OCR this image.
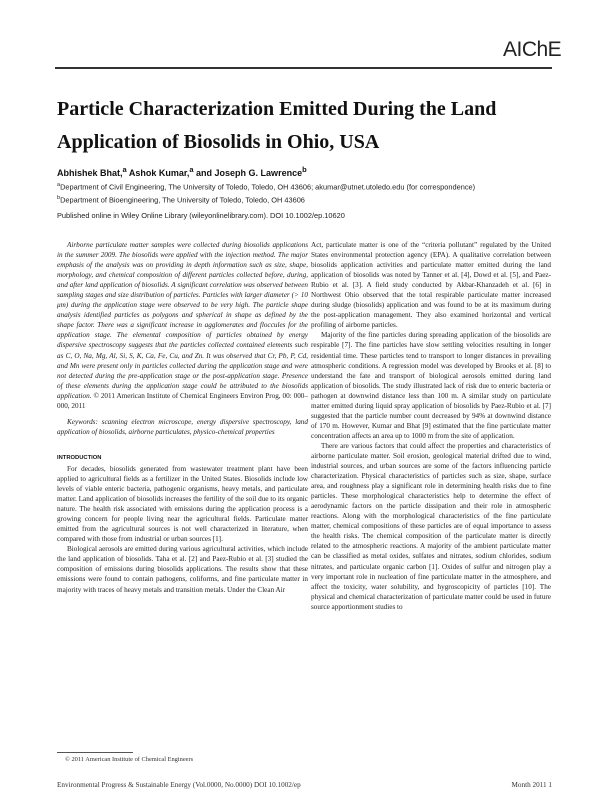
AIChE
Particle Characterization Emitted During the Land Application of Biosolids in Ohio, USA
Abhishek Bhat,$^a$ Ashok Kumar,$^a$ and Joseph G. Lawrence$^b$
$^a$Department of Civil Engineering, The University of Toledo, Toledo, OH 43606; akumar@utnet.utoledo.edu (for correspondence)
$^b$Department of Bioengineering, The University of Toledo, Toledo, OH 43606
Published online in Wiley Online Library (wileyonlinelibrary.com). DOI 10.1002/ep.10620

Airborne particulate matter samples were collected during biosolids applications in the summer 2009. The biosolids were applied with the injection method. The major emphasis of the analysis was on providing in depth information such as size, shape, morphology, and chemical composition of different particles collected before, during, and after land application of biosolids. A significant correlation was observed between sampling stages and size distribution of particles. Particles with larger diameter (> 10 μm) during the application stage were observed to be very high. The particle shape analysis identified particles as polygons and spherical in shape as defined by the shape factor. There was a significant increase in agglomerates and floccules for the application stage. The elemental composition of particles obtained by energy dispersive spectroscopy suggests that the particles collected contained elements such as C, O, Na, Mg, Al, Si, S, K, Ca, Fe, Cu, and Zn. It was observed that Cr, Pb, P, Cd, and Mn were present only in particles collected during the application stage and were not detected during the pre-application stage or the post-application stage. Presence of these elements during the application stage could be attributed to the biosolids application. © 2011 American Institute of Chemical Engineers Environ Prog, 00: 000–000, 2011

Keywords: scanning electron microscope, energy dispersive spectroscopy, land application of biosolids, airborne particulates, physico-chemical properties

INTRODUCTION

For decades, biosolids generated from wastewater treatment plant have been applied to agricultural fields as a fertilizer in the United States. Biosolids include low levels of viable enteric bacteria, pathogenic organisms, heavy metals, and particulate matter. Land application of biosolids increases the fertility of the soil due to its organic nature. The health risk associated with emissions during the application process is a growing concern for people living near the agricultural fields. Particulate matter emitted from the agricultural sources is not well characterized in literature, when compared with those from industrial or urban sources [1].

Biological aerosols are emitted during various agricultural activities, which include the land application of biosolids. Taha et al. [2] and Paez-Rubio et al. [3] studied the composition of emissions during biosolids applications. The results show that these emissions were found to contain pathogens, coliforms, and fine particulate matter in majority with traces of heavy metals and transition metals. Under the Clean Air

Act, particulate matter is one of the “criteria pollutant” regulated by the United States environmental protection agency (EPA). A qualitative correlation between biosolids application activities and particulate matter emitted during the land application of biosolids was noted by Tanner et al. [4], Dowd et al. [5], and Paez-Rubio et al. [3]. A field study conducted by Akbar-Khanzadeh et al. [6] in Northwest Ohio observed that the total respirable particulate matter increased during sludge (biosolids) application and was found to be at its maximum during the post-application management. They also examined horizontal and vertical profiling of airborne particles.

Majority of the fine particles during spreading application of the biosolids are respirable [7]. The fine particles have slow settling velocities resulting in longer residential time. These particles tend to transport to longer distances in prevailing atmospheric conditions. A regression model was developed by Brooks et al. [8] to understand the fate and transport of biological aerosols emitted during land application of biosolids. The study illustrated lack of risk due to enteric bacteria or pathogen at downwind distance less than 100 m. A similar study on particulate matter emitted during liquid spray application of biosolids by Paez-Rubio et al. [7] suggested that the particle number count decreased by 94% at downwind distance of 170 m. However, Kumar and Bhat [9] estimated that the fine particulate matter concentration affects an area up to 1000 m from the site of application.

There are various factors that could affect the properties and characteristics of airborne particulate matter. Soil erosion, geological material drifted due to wind, industrial sources, and urban sources are some of the factors influencing particle characterization. Physical characteristics of particles such as size, shape, surface area, and roughness play a significant role in determining health risks due to fine particles. These morphological characteristics help to determine the effect of aerodynamic factors on the particle dissipation and their role in atmospheric reactions. Along with the morphological characteristics of the fine particulate matter, chemical compositions of these particles are of equal importance to assess the health risks. The chemical composition of the particulate matter is directly related to the atmospheric reactions. A majority of the ambient particulate matter can be classified as metal oxides, sulfates and nitrates, sodium chlorides, sodium nitrates, and particulate organic carbon [1]. Oxides of sulfur and nitrogen play a very important role in nucleation of fine particulate matter in the atmosphere, and affect the toxicity, water solubility, and hygroscopicity of particles [10]. The physical and chemical characterization of particulate matter could be used in future source apportionment studies to

© 2011 American Institute of Chemical Engineers
Environmental Progress & Sustainable Energy (Vol.0000, No.0000) DOI 10.1002/ep	Month 2011 1
